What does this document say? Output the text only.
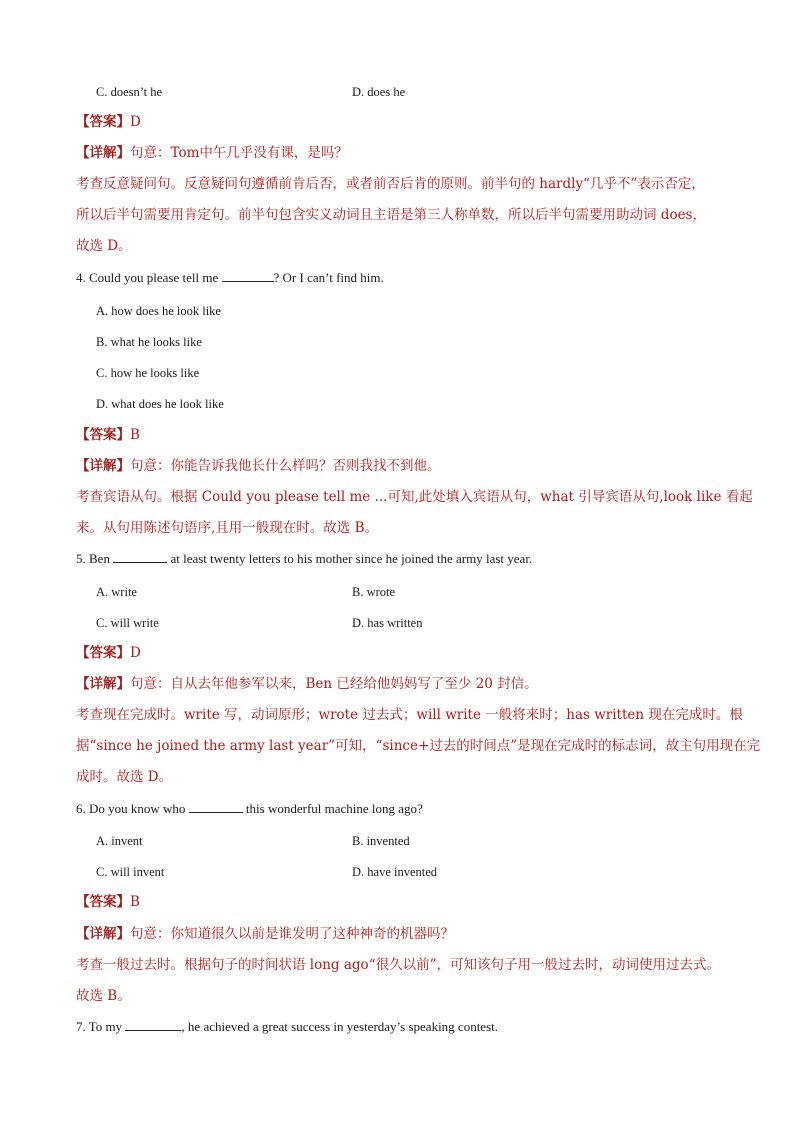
C. doesn’t he	D. does he
【答案】D
【详解】句意：Tom中午几乎没有课，是吗？
考查反意疑问句。反意疑问句遵循前肯后否，或者前否后肯的原则。前半句的 hardly“几乎不”表示否定，
所以后半句需要用肯定句。前半句包含实义动词且主语是第三人称单数，所以后半句需要用助动词 does，
故选 D。
4. Could you please tell me	? Or I can’t find him.
A. how does he look like
B. what he looks like
C. how he looks like
D. what does he look like
【答案】B
【详解】句意：你能告诉我他长什么样吗？否则我找不到他。
考查宾语从句。根据 Could you please tell me ...可知,此处填入宾语从句，what 引导宾语从句,look like 看起
来。从句用陈述句语序,且用一般现在时。故选 B。
5. Ben	at least twenty letters to his mother since he joined the army last year.
A. write	B. wrote
C. will write	D. has written
【答案】D
【详解】句意：自从去年他参军以来，Ben 已经给他妈妈写了至少 20 封信。
考查现在完成时。write 写，动词原形；wrote 过去式；will write 一般将来时；has written 现在完成时。根
据“since he joined the army last year”可知，“since+过去的时间点”是现在完成时的标志词，故主句用现在完
成时。故选 D。
6. Do you know who	this wonderful machine long ago?
A. invent	B. invented
C. will invent	D. have invented
【答案】B
【详解】句意：你知道很久以前是谁发明了这种神奇的机器吗？
考查一般过去时。根据句子的时间状语 long ago“很久以前”，可知该句子用一般过去时，动词使用过去式。
故选 B。
7. To my	, he achieved a great success in yesterday’s speaking contest.
